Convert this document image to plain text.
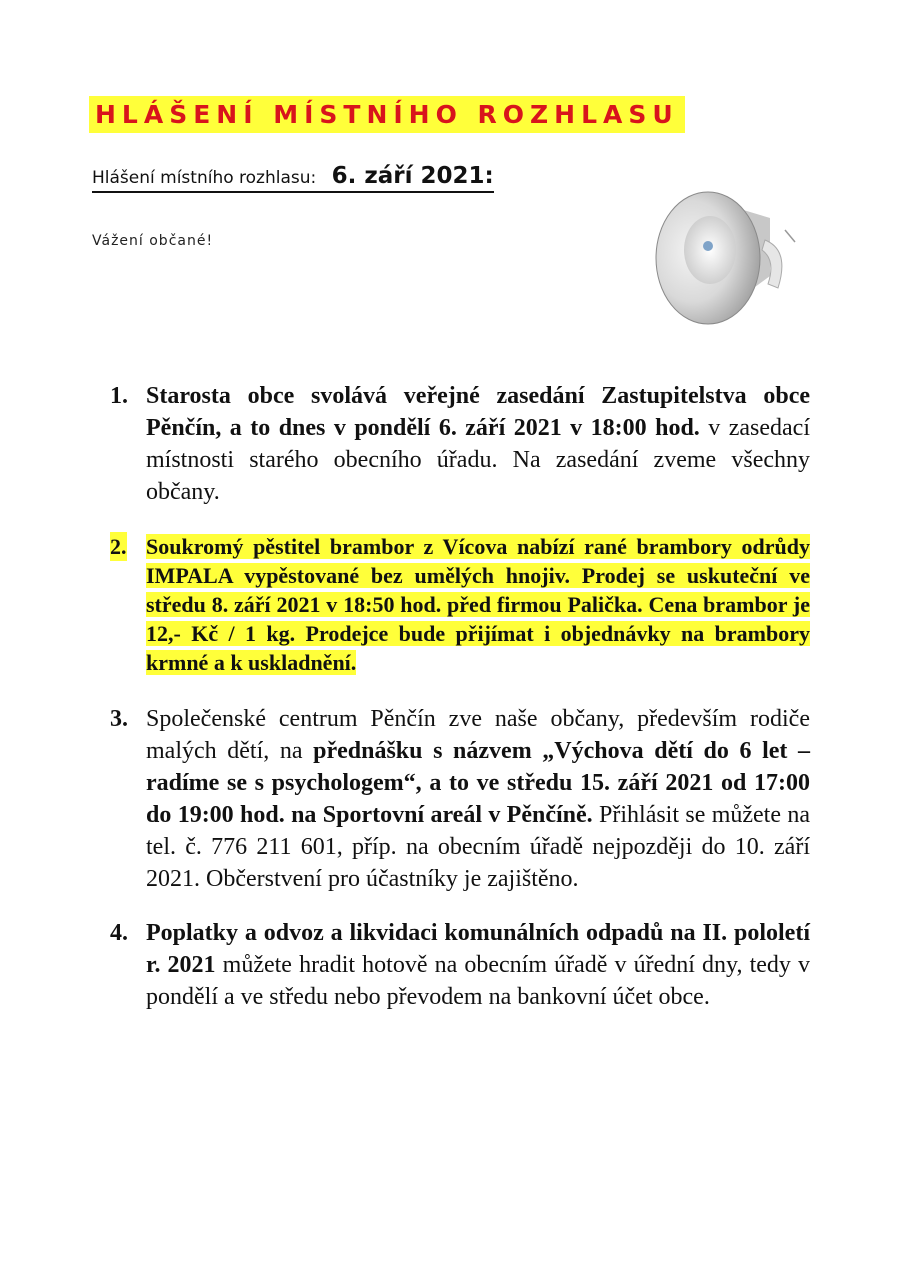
HLÁŠENÍ MÍSTNÍHO ROZHLASU
Hlášení místního rozhlasu: 6. září 2021:
Vážení občané!
1. Starosta obce svolává veřejné zasedání Zastupitelstva obce Pěnčín, a to dnes v pondělí 6. září 2021 v 18:00 hod. v zasedací místnosti starého obecního úřadu. Na zasedání zveme všechny občany.

2. Soukromý pěstitel brambor z Vícova nabízí rané brambory odrůdy IMPALA vypěstované bez umělých hnojiv. Prodej se uskuteční ve středu 8. září 2021 v 18:50 hod. před firmou Palička. Cena brambor je 12,- Kč / 1 kg. Prodejce bude přijímat i objednávky na brambory krmné a k uskladnění.

3. Společenské centrum Pěnčín zve naše občany, především rodiče malých dětí, na přednášku s názvem „Výchova dětí do 6 let – radíme se s psychologem“, a to ve středu 15. září 2021 od 17:00 do 19:00 hod. na Sportovní areál v Pěnčíně. Přihlásit se můžete na tel. č. 776 211 601, příp. na obecním úřadě nejpozději do 10. září 2021. Občerstvení pro účastníky je zajištěno.

4. Poplatky a odvoz a likvidaci komunálních odpadů na II. pololetí r. 2021 můžete hradit hotově na obecním úřadě v úřední dny, tedy v pondělí a ve středu nebo převodem na bankovní účet obce.
